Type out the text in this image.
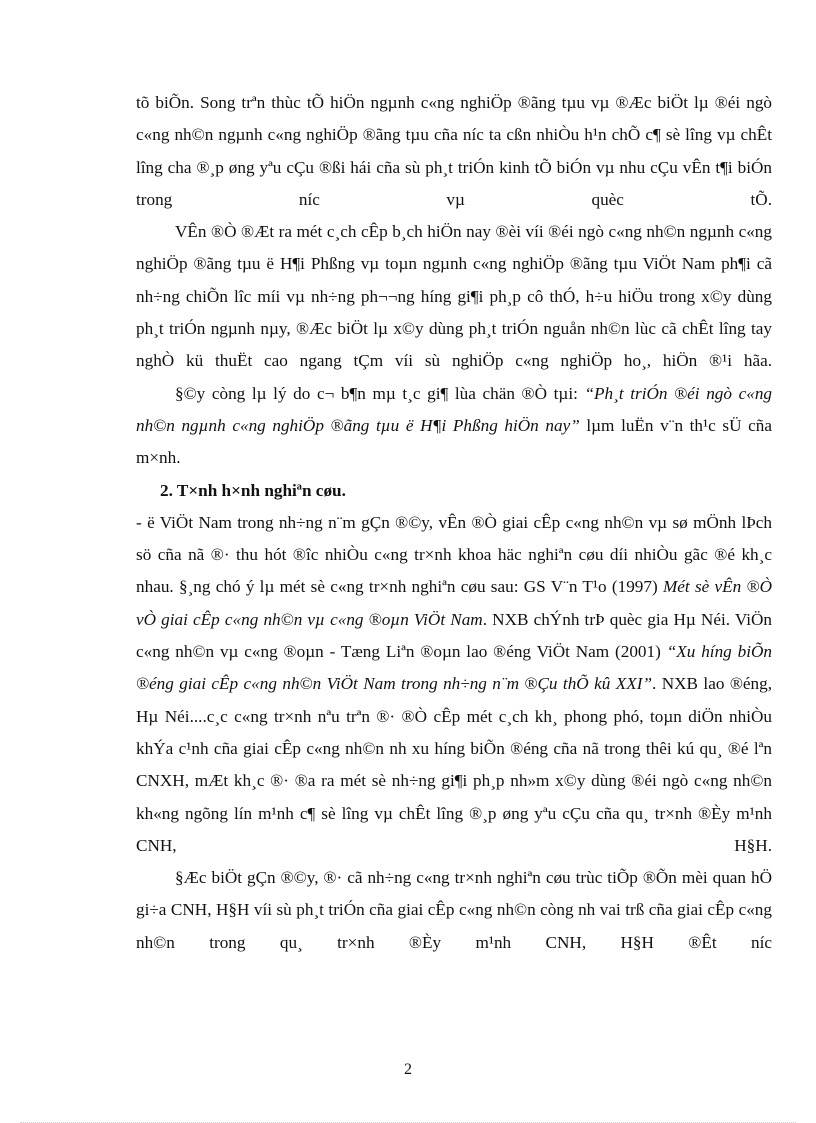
tõ biÕn. Song trªn thùc tÕ hiÖn ngµnh c«ng nghiÖp ®ãng tµu vµ ®Æc biÖt lµ ®éi ngò c«ng nh©n ngµnh c«ng nghiÖp ®ãng tµu cña níc ta cßn nhiÒu h¹n chÕ c¶ sè lîng vµ chÊt lîng cha ®¸p øng yªu cÇu ®ßi hái cña sù ph¸t triÓn kinh tÕ biÓn vµ nhu cÇu vÊn t¶i biÓn trong níc vµ quèc tÕ.

VÊn ®Ò ®Æt ra mét c¸ch cÊp b¸ch hiÖn nay ®èi víi ®éi ngò c«ng nh©n ngµnh c«ng nghiÖp ®ãng tµu ë H¶i Phßng vµ toµn ngµnh c«ng nghiÖp ®ãng tµu ViÖt Nam ph¶i cã nh÷ng chiÕn lîc míi vµ nh÷ng ph¬¬ng híng gi¶i ph¸p cô thÓ, h÷u hiÖu trong x©y dùng ph¸t triÓn ngµnh nµy, ®Æc biÖt lµ x©y dùng ph¸t triÓn nguån nh©n lùc cã chÊt lîng tay nghÒ kü thuËt cao ngang tÇm víi sù nghiÖp c«ng nghiÖp ho¸, hiÖn ®¹i hãa.

§©y còng lµ lý do c¬ b¶n mµ t¸c gi¶ lùa chän ®Ò tµi: “Ph¸t triÓn ®éi ngò c«ng nh©n ngµnh c«ng nghiÖp ®ãng tµu ë H¶i Phßng hiÖn nay” lµm luËn v¨n th¹c sÜ cña m×nh.

2. T×nh h×nh nghiªn cøu.

- ë ViÖt Nam trong nh÷ng n¨m gÇn ®©y, vÊn ®Ò giai cÊp c«ng nh©n vµ sø mÖnh lÞch sö cña nã ®· thu hót ®îc nhiÒu c«ng tr×nh khoa häc nghiªn cøu díi nhiÒu gãc ®é kh¸c nhau. §¸ng chó ý lµ mét sè c«ng tr×nh nghiªn cøu sau: GS V¨n T¹o (1997) Mét sè vÊn ®Ò vÒ giai cÊp c«ng nh©n vµ c«ng ®oµn ViÖt Nam. NXB chÝnh trÞ quèc gia Hµ Néi. ViÖn c«ng nh©n vµ c«ng ®oµn - Tæng Liªn ®oµn lao ®éng ViÖt Nam (2001) “Xu híng biÕn ®éng giai cÊp c«ng nh©n ViÖt Nam trong nh÷ng n¨m ®Çu thÕ kû XXI”. NXB lao ®éng, Hµ Néi....c¸c c«ng tr×nh nªu trªn ®· ®Ò cÊp mét c¸ch kh¸ phong phó, toµn diÖn nhiÒu khÝa c¹nh cña giai cÊp c«ng nh©n nh xu híng biÕn ®éng cña nã trong thêi kú qu¸ ®é lªn CNXH, mÆt kh¸c ®· ®a ra mét sè nh÷ng gi¶i ph¸p nh»m x©y dùng ®éi ngò c«ng nh©n kh«ng ngõng lín m¹nh c¶ sè lîng vµ chÊt lîng ®¸p øng yªu cÇu cña qu¸ tr×nh ®Èy m¹nh CNH, H§H.

§Æc biÖt gÇn ®©y, ®· cã nh÷ng c«ng tr×nh nghiªn cøu trùc tiÕp ®Õn mèi quan hÖ gi÷a CNH, H§H víi sù ph¸t triÓn cña giai cÊp c«ng nh©n còng nh vai trß cña giai cÊp c«ng nh©n trong qu¸ tr×nh ®Èy m¹nh CNH, H§H ®Êt níc

2
